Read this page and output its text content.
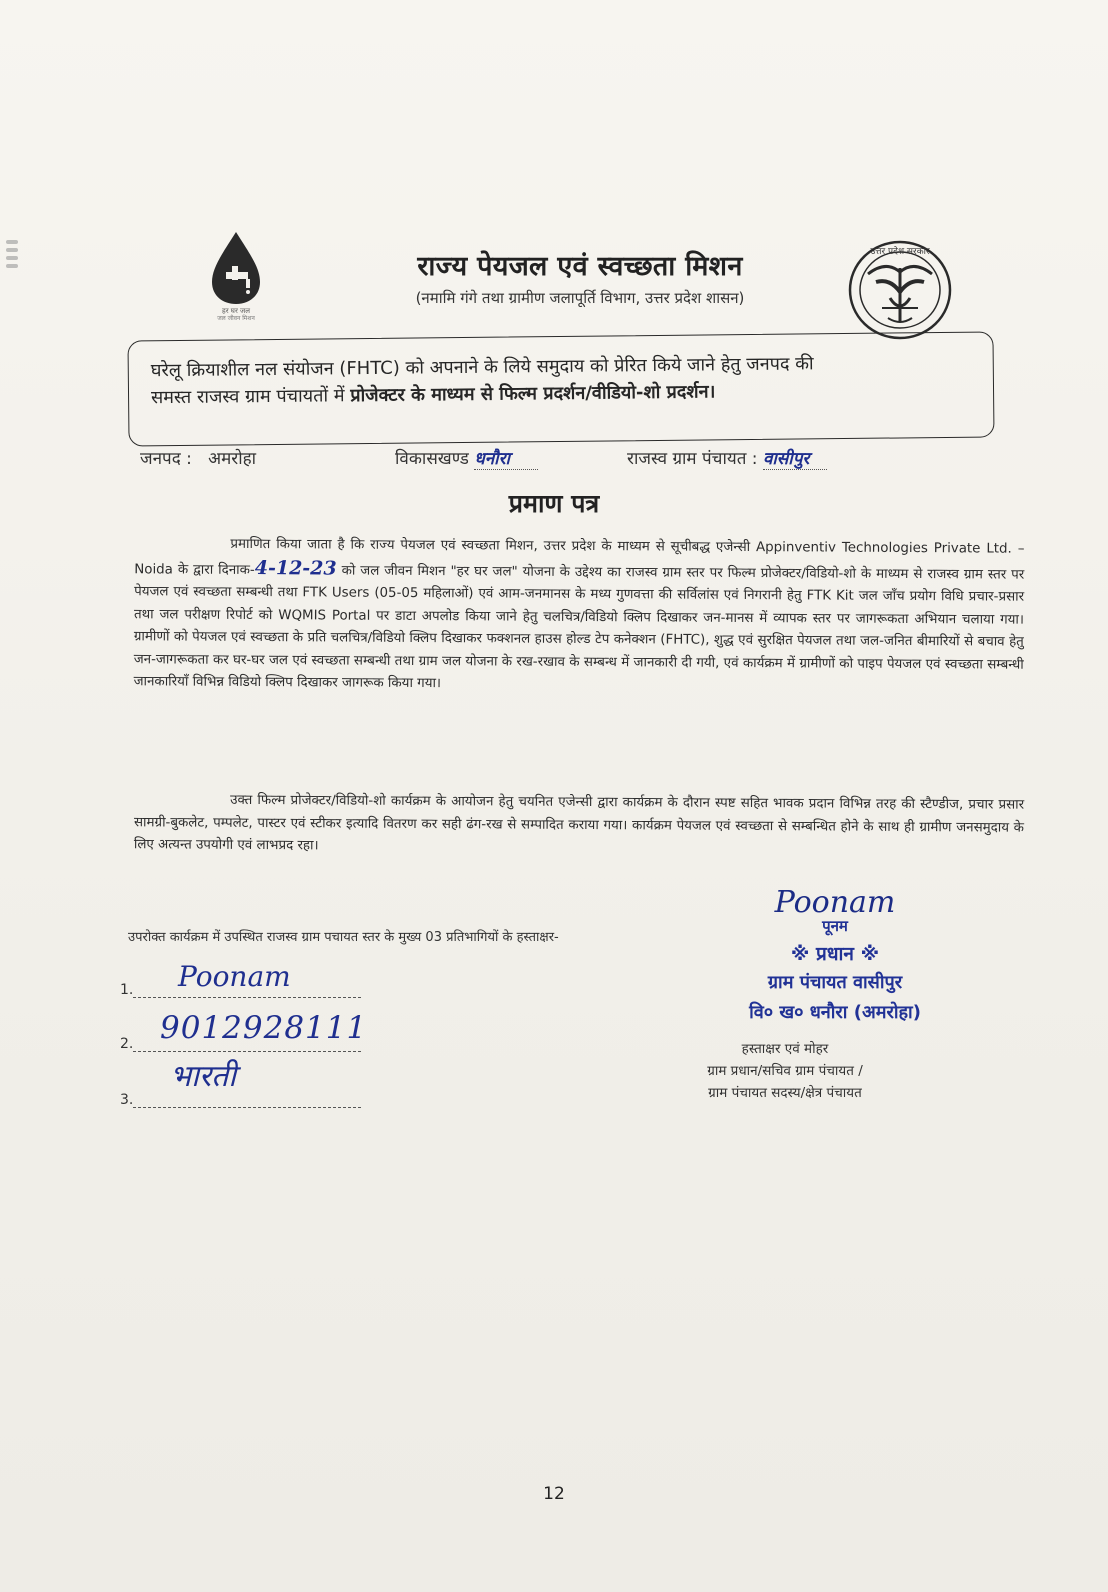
हर घर जल
जल जीवन मिशन
उत्तर प्रदेश सरकार
राज्य पेयजल एवं स्वच्छता मिशन
(नमामि गंगे तथा ग्रामीण जलापूर्ति विभाग, उत्तर प्रदेश शासन)
घरेलू क्रियाशील नल संयोजन (FHTC) को अपनाने के लिये समुदाय को प्रेरित किये जाने हेतु जनपद की
समस्त राजस्व ग्राम पंचायतों में प्रोजेक्टर के माध्यम से फिल्म प्रदर्शन/वीडियो-शो प्रदर्शन।
जनपद : अमरोहा	विकासखण्ड धनौरा	राजस्व ग्राम पंचायत : वासीपुर
प्रमाण पत्र
प्रमाणित किया जाता है कि राज्य पेयजल एवं स्वच्छता मिशन, उत्तर प्रदेश के माध्यम से सूचीबद्ध एजेन्सी Appinventiv Technologies Private Ltd. – Noida के द्वारा दिनाक-4-12-23 को जल जीवन मिशन "हर घर जल" योजना के उद्देश्य का राजस्व ग्राम स्तर पर फिल्म प्रोजेक्टर/विडियो-शो के माध्यम से राजस्व ग्राम स्तर पर पेयजल एवं स्वच्छता सम्बन्धी तथा FTK Users (05-05 महिलाओं) एवं आम-जनमानस के मध्य गुणवत्ता की सर्विलांस एवं निगरानी हेतु FTK Kit जल जाँच प्रयोग विधि प्रचार-प्रसार तथा जल परीक्षण रिपोर्ट को WQMIS Portal पर डाटा अपलोड किया जाने हेतु चलचित्र/विडियो क्लिप दिखाकर जन-मानस में व्यापक स्तर पर जागरूकता अभियान चलाया गया। ग्रामीणों को पेयजल एवं स्वच्छता के प्रति चलचित्र/विडियो क्लिप दिखाकर फक्शनल हाउस होल्ड टेप कनेक्शन (FHTC), शुद्ध एवं सुरक्षित पेयजल तथा जल-जनित बीमारियों से बचाव हेतु जन-जागरूकता कर घर-घर जल एवं स्वच्छता सम्बन्धी तथा ग्राम जल योजना के रख-रखाव के सम्बन्ध में जानकारी दी गयी, एवं कार्यक्रम में ग्रामीणों को पाइप पेयजल एवं स्वच्छता सम्बन्धी जानकारियाँ विभिन्न विडियो क्लिप दिखाकर जागरूक किया गया।
उक्त फिल्म प्रोजेक्टर/विडियो-शो कार्यक्रम के आयोजन हेतु चयनित एजेन्सी द्वारा कार्यक्रम के दौरान स्पष्ट सहित भावक प्रदान विभिन्न तरह की स्टैण्डीज, प्रचार प्रसार सामग्री-बुकलेट, पम्पलेट, पास्टर एवं स्टीकर इत्यादि वितरण कर सही ढंग-रख से सम्पादित कराया गया। कार्यक्रम पेयजल एवं स्वच्छता से सम्बन्धित होने के साथ ही ग्रामीण जनसमुदाय के लिए अत्यन्त उपयोगी एवं लाभप्रद रहा।
उपरोक्त कार्यक्रम में उपस्थित राजस्व ग्राम पचायत स्तर के मुख्य 03 प्रतिभागियों के हस्ताक्षर-
1.
2.
3.
Poonam
9012928111
भारती
Poonam
पूनम
※ प्रधान ※
ग्राम पंचायत वासीपुर
वि० ख० धनौरा (अमरोहा)
हस्ताक्षर एवं मोहर
ग्राम प्रधान/सचिव ग्राम पंचायत /
ग्राम पंचायत सदस्य/क्षेत्र पंचायत
12
